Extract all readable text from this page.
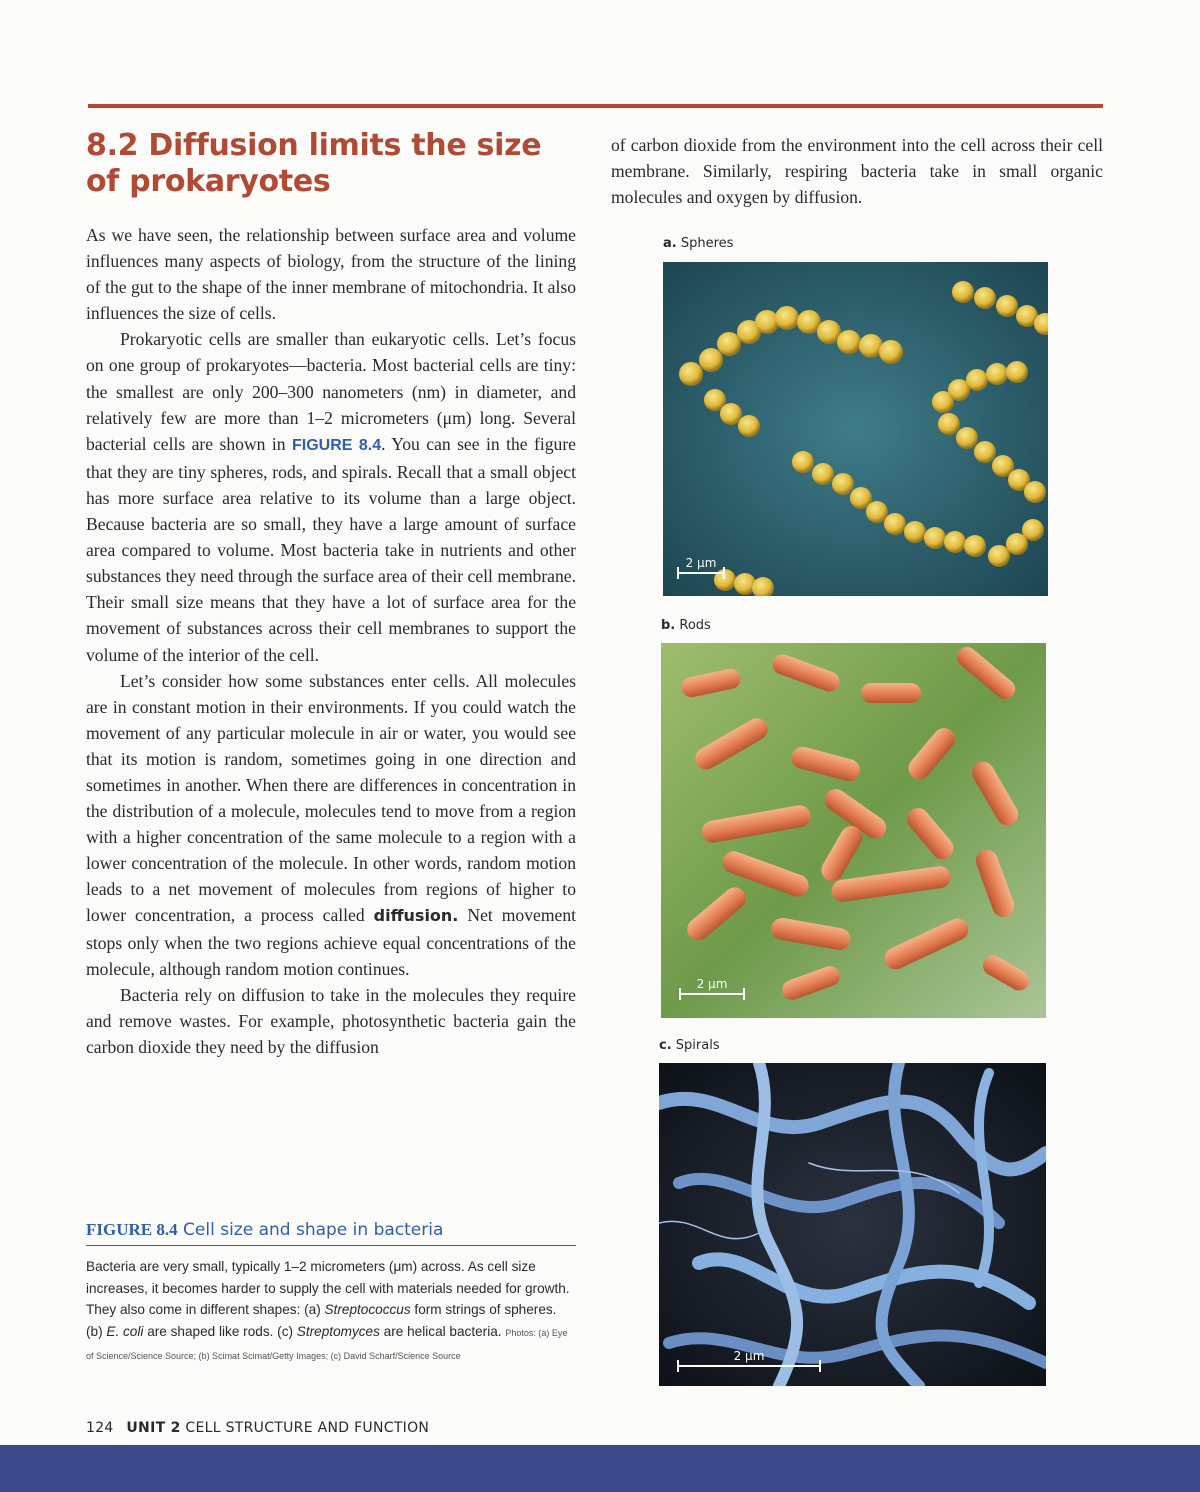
8.2 Diffusion limits the size
of prokaryotes

As we have seen, the relationship between surface area and volume influences many aspects of biology, from the structure of the lining of the gut to the shape of the inner membrane of mitochondria. It also influences the size of cells.

Prokaryotic cells are smaller than eukaryotic cells. Let’s focus on one group of prokaryotes—bacteria. Most bacterial cells are tiny: the smallest are only 200–300 nanometers (nm) in diameter, and relatively few are more than 1–2 micrometers (μm) long. Several bacterial cells are shown in FIGURE 8.4. You can see in the figure that they are tiny spheres, rods, and spirals. Recall that a small object has more surface area relative to its volume than a large object. Because bacteria are so small, they have a large amount of surface area compared to volume. Most bacteria take in nutrients and other substances they need through the surface area of their cell membrane. Their small size means that they have a lot of surface area for the movement of substances across their cell membranes to support the volume of the interior of the cell.

Let’s consider how some substances enter cells. All molecules are in constant motion in their environments. If you could watch the movement of any particular molecule in air or water, you would see that its motion is random, sometimes going in one direction and sometimes in another. When there are differences in concentration in the distribution of a molecule, molecules tend to move from a region with a higher concentration of the same molecule to a region with a lower concentration of the molecule. In other words, random motion leads to a net movement of molecules from regions of higher to lower concentration, a process called diffusion. Net movement stops only when the two regions achieve equal concentrations of the molecule, although random motion continues.

Bacteria rely on diffusion to take in the molecules they require and remove wastes. For example, photosynthetic bacteria gain the carbon dioxide they need by the diffusion

of carbon dioxide from the environment into the cell across their cell membrane. Similarly, respiring bacteria take in small organic molecules and oxygen by diffusion.

a. Spheres
2 μm
b. Rods
2 μm
c. Spirals
2 μm
FIGURE 8.4 Cell size and shape in bacteria

Bacteria are very small, typically 1–2 micrometers (μm) across. As cell size increases, it becomes harder to supply the cell with materials needed for growth. They also come in different shapes: (a) Streptococcus form strings of spheres. (b) E. coli are shaped like rods. (c) Streptomyces are helical bacteria. Photos: (a) Eye of Science/Science Source; (b) Scimat Scimat/Getty Images; (c) David Scharf/Science Source

124 UNIT 2 CELL STRUCTURE AND FUNCTION
